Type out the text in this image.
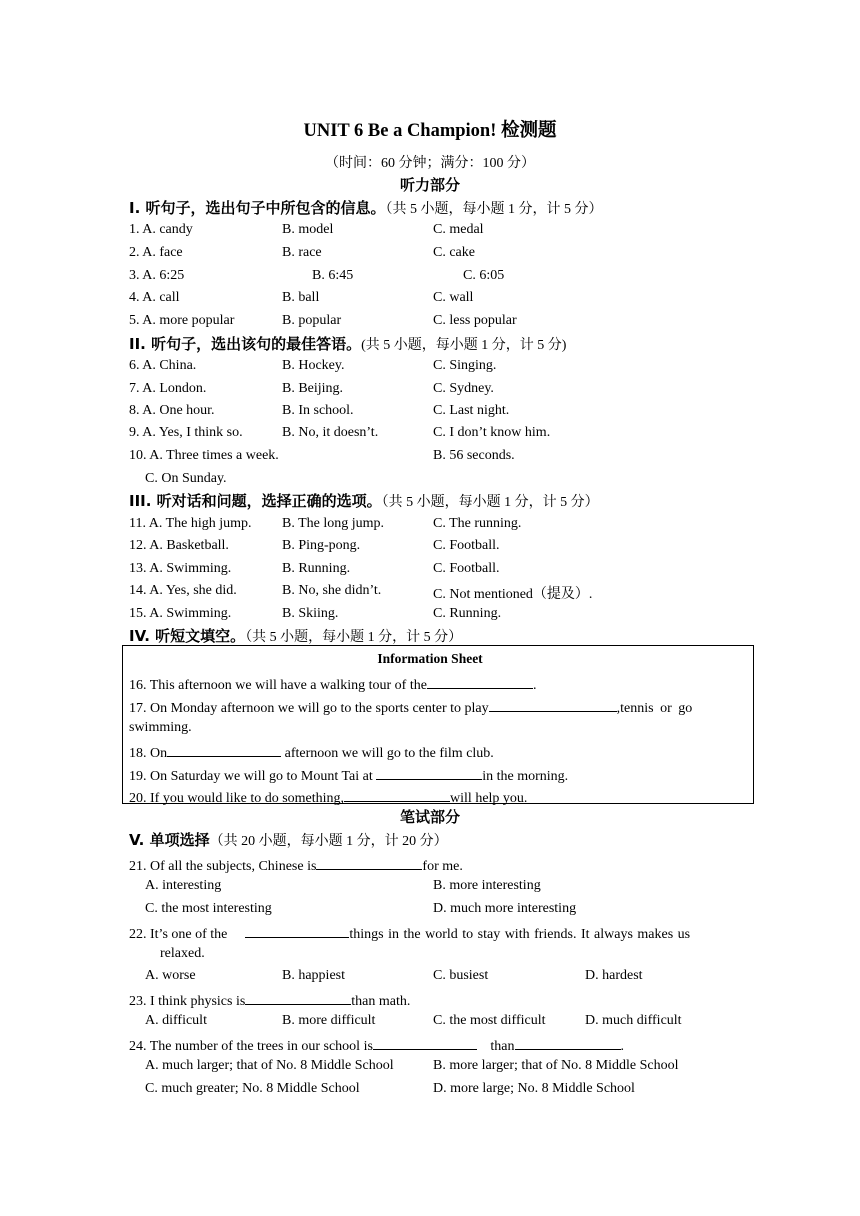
UNIT 6 Be a Champion! 检测题
（时间：60 分钟；满分：100 分）
听力部分
I. 听句子，选出句子中所包含的信息。（共 5 小题，每小题 1 分，计 5 分）
1. A. candy	B. model	C. medal
2. A. face	B. race	C. cake
3. A. 6:25	B. 6:45	C. 6:05
4. A. call	B. ball	C. wall
5. A. more popular	B. popular	C. less popular
II. 听句子，选出该句的最佳答语。(共 5 小题，每小题 1 分，计 5 分)
6. A. China.	B. Hockey.	C. Singing.
7. A. London.	B. Beijing.	C. Sydney.
8. A. One hour.	B. In school.	C. Last night.
9. A. Yes, I think so.	B. No, it doesn’t.	C. I don’t know him.
10. A. Three times a week.	B. 56 seconds.
C. On Sunday.
III. 听对话和问题，选择正确的选项。（共 5 小题，每小题 1 分，计 5 分）
11. A. The high jump. B. The long jump.	C. The running.
12. A. Basketball.	B. Ping-pong.	C. Football.
13. A. Swimming.	B. Running.	C. Football.
14. A. Yes, she did.	B. No, she didn’t.	C. Not mentioned（提及）.
15. A. Swimming.	B. Skiing.	C. Running.
IV. 听短文填空。（共 5 小题，每小题 1 分，计 5 分）
Information Sheet
16. This afternoon we will have a walking tour of the	.
17. On Monday afternoon we will go to the sports center to play	,tennis or go
swimming.
18. On	afternoon we will go to the film club.
19. On Saturday we will go to Mount Tai at	in the morning.
20. If you would like to do something,	will help you.
笔试部分
V. 单项选择（共 20 小题，每小题 1 分，计 20 分）
21. Of all the subjects, Chinese is	for me.
A. interesting	B. more interesting
C. the most interesting	D. much more interesting
22. It’s one of the	things in the world to stay with friends. It always makes us
relaxed.
A. worse	B. happiest	C. busiest	D. hardest
23. I think physics is	than math.
A. difficult	B. more difficult	C. the most difficult	D. much difficult
24. The number of the trees in our school is	than	.
A. much larger; that of No. 8 Middle School	B. more larger; that of No. 8 Middle School
C. much greater; No. 8 Middle School	D. more large; No. 8 Middle School
